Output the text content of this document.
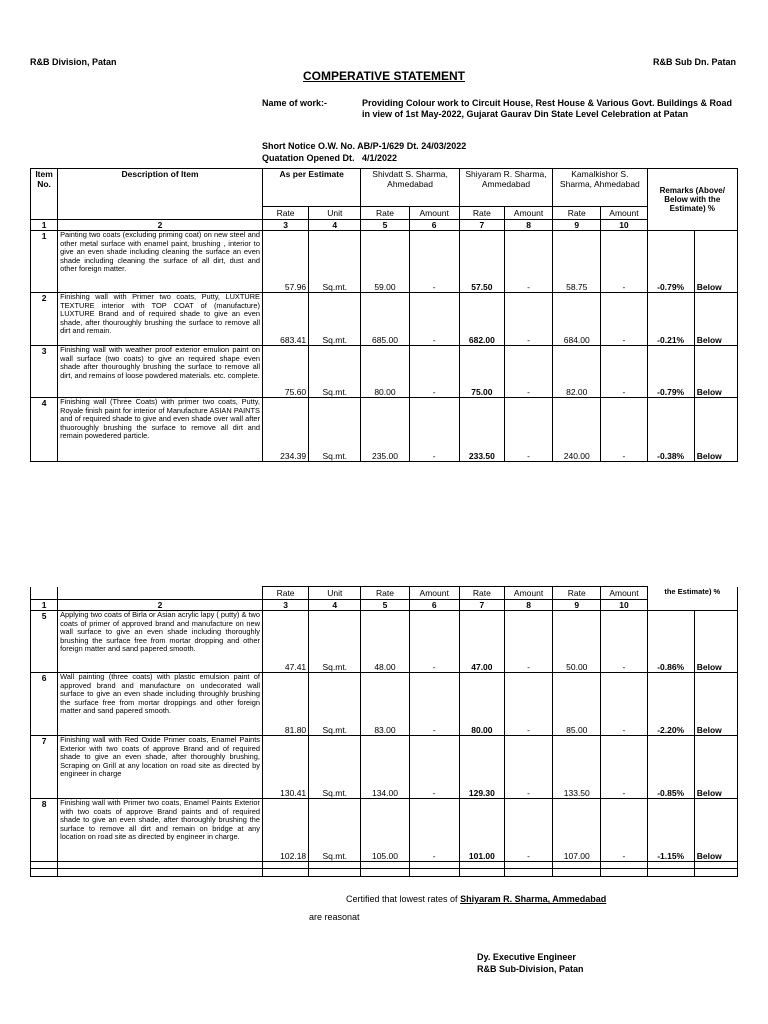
R&B Division, Patan	R&B Sub Dn. Patan
COMPERATIVE STATEMENT
Name of work:-	Providing Colour work to Circuit House, Rest House & Various Govt. Buildings & Road in view of 1st May-2022, Gujarat Gaurav Din State Level Celebration at Patan
Short Notice O.W. No. AB/P-1/629 Dt. 24/03/2022
Quatation Opened Dt.   4/1/2022
Item No.	Description of Item	As per Estimate		Shivdatt S. Sharma, Ahmedabad		Shiyaram R. Sharma, Ammedabad		Kamalkishor S. Sharma, Ahmedabad		Remarks (Above/ Below with the Estimate) %	
		Rate	Unit	Rate	Amount	Rate	Amount	Rate	Amount		
1	2	3	4	5	6	7	8	9	10		
1	Painting two coats (excluding priming coat) on new steel and other metal surface with enamel paint, brushing , interior to give an even shade including cleaning the surface an even shade including cleaning the surface of all dirt, dust and other foreign matter.	57.96	Sq.mt.	59.00	-	57.50	-	58.75	-	-0.79%	Below
2	Finishing wall with Primer two coats, Putty, LUXTURE TEXTURE interior with TOP COAT of (manufacture) LUXTURE Brand and of required shade to give an even shade, after thouroughly brushing the surface to remove all dirt and remain.	683.41	Sq.mt.	685.00	-	682.00	-	684.00	-	-0.21%	Below
3	Finishing wall with weather proof exterior emulion paint on wall surface (two coats) to give an required shape even shade after thouroughly brushing the surface to remove all dirt, and remains of loose powdered materials. etc. complete.	75.60	Sq.mt.	80.00	-	75.00	-	82.00	-	-0.79%	Below
4	Finishing wall (Three Coats) with primer two coats, Putty, Royale finish paint for interior of Manufacture ASIAN PAINTS and of required shade to give and even shade over wall after thuoroughly brushing the surface to remove all dirt and remain powedered particle.	234.39	Sq.mt.	235.00	-	233.50	-	240.00	-	-0.38%	Below
		Rate	Unit	Rate	Amount	Rate	Amount	Rate	Amount	the Estimate) %	
1	2	3	4	5	6	7	8	9	10		
5	Applying two coats of Birla or Asian acrylic lapy ( putty) & two coats of primer of approved brand and manufacture on new wall surface to give an even shade including thoroughly brushing the surface free from mortar dropping and other foreign matter and sand papered smooth.	47.41	Sq.mt.	48.00	-	47.00	-	50.00	-	-0.86%	Below
6	Wall painting (three coats) with plastic emulsion paint of approved brand and manufacture on undecorated wall surface to give an even shade including throughly brushing the surface free from mortar droppings and other foreign matter and sand papered smooth.	81.80	Sq.mt.	83.00	-	80.00	-	85.00	-	-2.20%	Below
7	Finishing wall with Red Oxide Primer coats, Enamel Paints Exterior with two coats of approve Brand and of required shade to give an even shade, after thoroughly brushing, Scraping on Grill at any location on road site as directed by engineer in charge	130.41	Sq.mt.	134.00	-	129.30	-	133.50	-	-0.85%	Below
8	Finishing wall with Primer two coats, Enamel Paints Exterior with two coats of approve Brand paints and of required shade to give an even shade, after thoroughly brushing the surface to remove all dirt and remain on bridge at any location on road site as directed by engineer in charge.	102.18	Sq.mt.	105.00	-	101.00	-	107.00	-	-1.15%	Below

Certified that lowest rates of Shiyaram R. Sharma, Ammedabad
are reasonat
Dy. Executive Engineer
R&B Sub-Division, Patan
